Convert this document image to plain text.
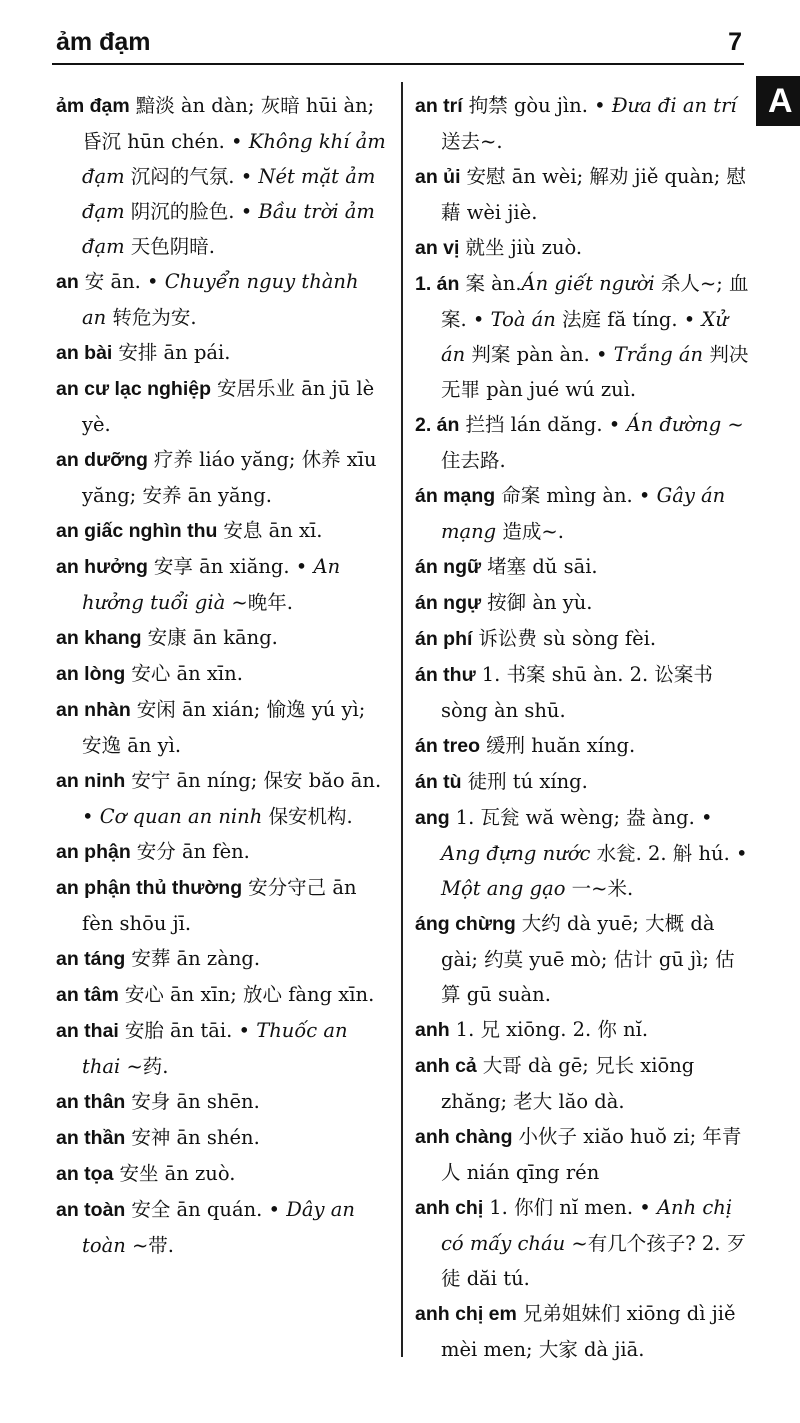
ảm đạm	7
A

ảm đạm 黯淡 àn dàn; 灰暗 hūi àn; 昏沉 hūn chén. • Không khí ảm đạm 沉闷的气氛. • Nét mặt ảm đạm 阴沉的脸色. • Bầu trời ảm đạm 天色阴暗.

an 安 ān. • Chuyển nguy thành an 转危为安.

an bài 安排 ān pái.

an cư lạc nghiệp 安居乐业 ān jū lè yè.

an dưỡng 疗养 liáo yăng; 休养 xīu yăng; 安养 ān yăng.

an giấc nghìn thu 安息 ān xī.

an hưởng 安享 ān xiăng. • An hưởng tuổi già ~晚年.

an khang 安康 ān kāng.

an lòng 安心 ān xīn.

an nhàn 安闲 ān xián; 愉逸 yú yì; 安逸 ān yì.

an ninh 安宁 ān níng; 保安 băo ān. • Cơ quan an ninh 保安机构.

an phận 安分 ān fèn.

an phận thủ thường 安分守己 ān fèn shōu jī.

an táng 安葬 ān zàng.

an tâm 安心 ān xīn; 放心 fàng xīn.

an thai 安胎 ān tāi. • Thuốc an thai ~药.

an thân 安身 ān shēn.

an thần 安神 ān shén.

an tọa 安坐 ān zuò.

an toàn 安全 ān quán. • Dây an toàn ~带.

an trí 拘禁 gòu jìn. • Đưa đi an trí 送去~.

an ủi 安慰 ān wèi; 解劝 jiě quàn; 慰藉 wèi jiè.

an vị 就坐 jiù zuò.

1. án 案 àn.Án giết người 杀人~; 血案. • Toà án 法庭 fă tíng. • Xử án 判案 pàn àn. • Trắng án 判决无罪 pàn jué wú zuì.

2. án 拦挡 lán dăng. • Án đường ~住去路.

án mạng 命案 mìng àn. • Gây án mạng 造成~.

án ngữ 堵塞 dŭ sāi.

án ngự 按御 àn yù.

án phí 诉讼费 sù sòng fèi.

án thư 1. 书案 shū àn. 2. 讼案书 sòng àn shū.

án treo 缓刑 huăn xíng.

án tù 徒刑 tú xíng.

ang 1. 瓦瓮 wă wèng; 盎 àng. • Ang đựng nước 水瓮. 2. 斛 hú. • Một ang gạo 一~米.

áng chừng 大约 dà yuē; 大概 dà gài; 约莫 yuē mò; 估计 gū jì; 估算 gū suàn.

anh 1. 兄 xiōng. 2. 你 nĭ.

anh cả 大哥 dà gē; 兄长 xiōng zhăng; 老大 lăo dà.

anh chàng 小伙子 xiăo huŏ zi; 年青人 nián qīng rén

anh chị 1. 你们 nĭ men. • Anh chị có mấy cháu ~有几个孩子? 2. 歹徒 dăi tú.

anh chị em 兄弟姐妹们 xiōng dì jiě mèi men; 大家 dà jiā.
